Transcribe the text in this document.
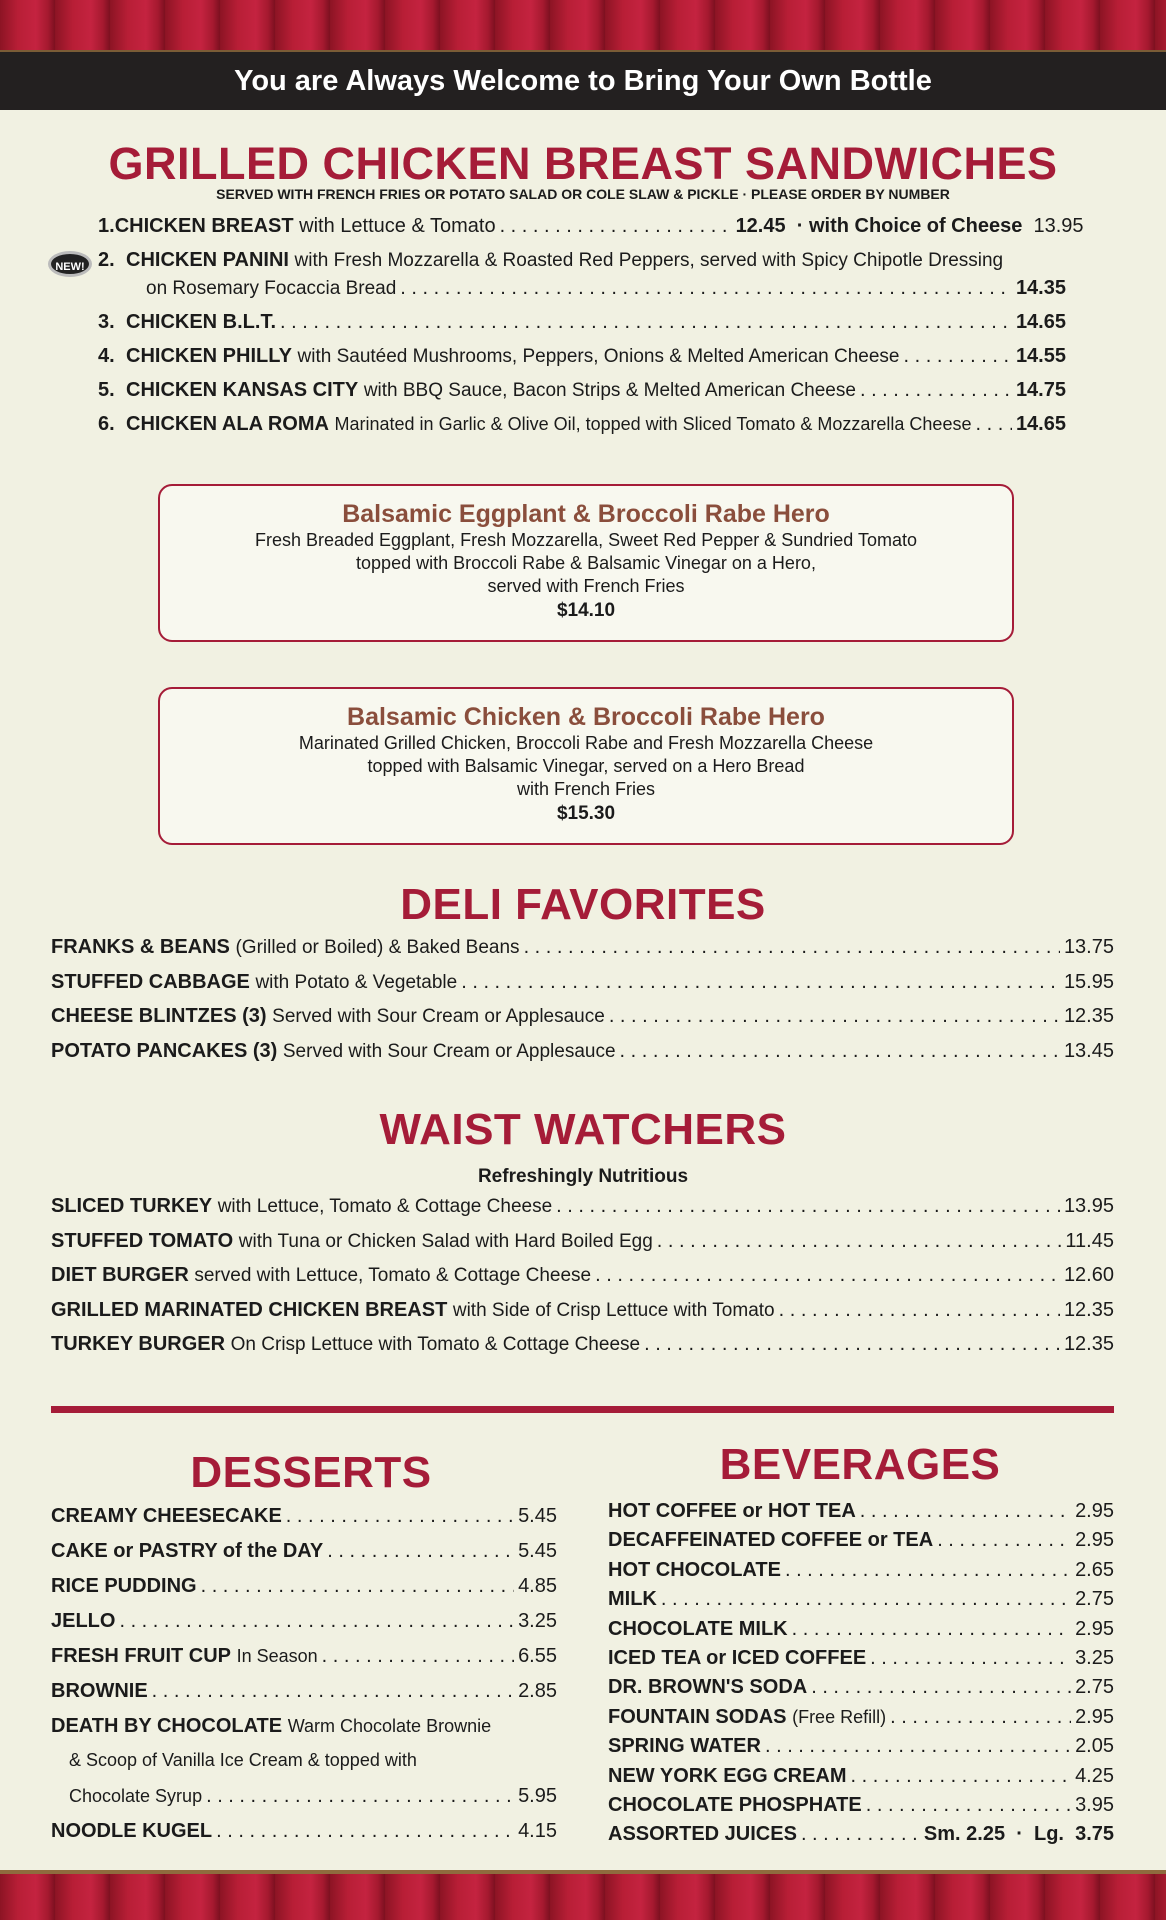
You are Always Welcome to Bring Your Own Bottle
GRILLED CHICKEN BREAST SANDWICHES
SERVED WITH FRENCH FRIES OR POTATO SALAD OR COLE SLAW & PICKLE · PLEASE ORDER BY NUMBER
NEW!
1. CHICKEN BREAST
with Lettuce & Tomato . . .	12.45
· with Choice of Cheese
13.95
2. CHICKEN PANINI
with Fresh Mozzarella & Roasted Red Peppers, served with Spicy Chipotle Dressing
on Rosemary Focaccia Bread . . .	14.35
3. CHICKEN B.L.T. . . .	14.65
4. CHICKEN PHILLY
with Sautéed Mushrooms, Peppers, Onions & Melted American Cheese . . .	14.55
5. CHICKEN KANSAS CITY
with BBQ Sauce, Bacon Strips & Melted American Cheese . . .	14.75
6. CHICKEN ALA ROMA
Marinated in Garlic & Olive Oil, topped with Sliced Tomato & Mozzarella Cheese . . . 14.65
Balsamic Eggplant & Broccoli Rabe Hero
Fresh Breaded Eggplant, Fresh Mozzarella, Sweet Red Pepper & Sundried Tomato
topped with Broccoli Rabe & Balsamic Vinegar on a Hero,
served with French Fries
$14.10
Balsamic Chicken & Broccoli Rabe Hero
Marinated Grilled Chicken, Broccoli Rabe and Fresh Mozzarella Cheese
topped with Balsamic Vinegar, served on a Hero Bread
with French Fries
$15.30
DELI FAVORITES
FRANKS & BEANS
(Grilled or Boiled) & Baked Beans . . .	13.75
STUFFED CABBAGE
with Potato & Vegetable . . .	15.95
CHEESE BLINTZES (3)
Served with Sour Cream or Applesauce . . .	12.35
POTATO PANCAKES (3)
Served with Sour Cream or Applesauce . . .	13.45
WAIST WATCHERS
Refreshingly Nutritious
SLICED TURKEY
with Lettuce, Tomato & Cottage Cheese . . .	13.95
STUFFED TOMATO
with Tuna or Chicken Salad with Hard Boiled Egg . . .	11.45
DIET BURGER
served with Lettuce, Tomato & Cottage Cheese . . .	12.60
GRILLED MARINATED CHICKEN BREAST
with Side of Crisp Lettuce with Tomato . . .	12.35
TURKEY BURGER
On Crisp Lettuce with Tomato & Cottage Cheese . . .	12.35
DESSERTS
CREAMY CHEESECAKE . . .	5.45
CAKE or PASTRY of the DAY . . .	5.45
RICE PUDDING . . .	4.85
JELLO . . .	3.25
FRESH FRUIT CUP
In Season . . .	6.55
BROWNIE . . .	2.85
DEATH BY CHOCOLATE
Warm Chocolate Brownie
& Scoop of Vanilla Ice Cream & topped with
Chocolate Syrup . . .	5.95
NOODLE KUGEL . . .	4.15
BEVERAGES
HOT COFFEE or HOT TEA . . .	2.95
DECAFFEINATED COFFEE or TEA . . .	2.95
HOT CHOCOLATE . . .	2.65
MILK . . .	2.75
CHOCOLATE MILK . . .	2.95
ICED TEA or ICED COFFEE . . .	3.25
DR. BROWN'S SODA . . .	2.75
FOUNTAIN SODAS
(Free Refill) . . .	2.95
SPRING WATER . . .	2.05
NEW YORK EGG CREAM . . .	4.25
CHOCOLATE PHOSPHATE . . .	3.95
ASSORTED JUICES . . .	Sm. 2.25  ·  Lg.  3.75
